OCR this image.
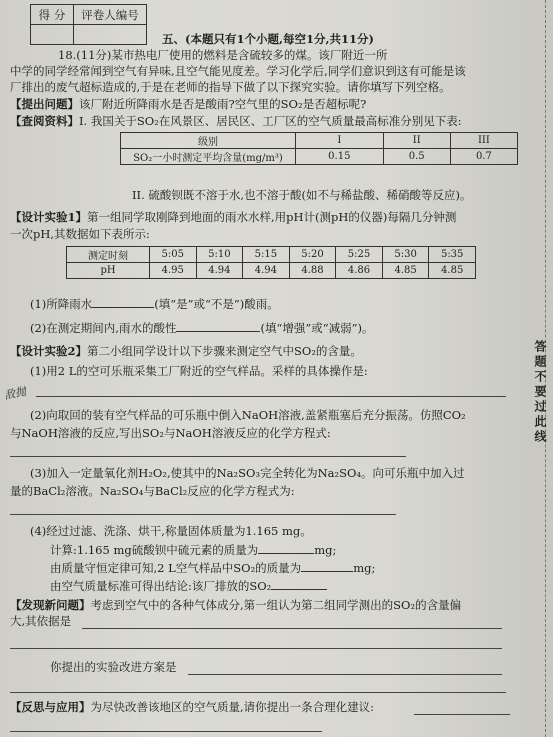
得 分	评卷人编号

五、(本题只有1个小题,每空1分,共11分)
18.(11分)某市热电厂使用的燃料是含硫较多的煤。该厂附近一所
中学的同学经常闻到空气有异味,且空气能见度差。学习化学后,同学们意识到这有可能是该
厂排出的废气超标造成的,于是在老师的指导下做了以下探究实验。请你填写下列空格。
【提出问题】该厂附近所降雨水是否是酸雨?空气里的SO₂是否超标呢?
【查阅资料】I. 我国关于SO₂在风景区、居民区、工厂区的空气质量最高标准分别见下表:
级别	I	II	III
SO₂一小时测定平均含量(mg/m³)	0.15	0.5	0.7
II. 硫酸钡既不溶于水,也不溶于酸(如不与稀盐酸、稀硝酸等反应)。
【设计实验1】第一组同学取刚降到地面的雨水水样,用pH计(测pH的仪器)每隔几分钟测
一次pH,其数据如下表所示:
测定时刻	5:05	5:10	5:15	5:20	5:25	5:30	5:35
pH	4.95	4.94	4.94	4.88	4.86	4.85	4.85
(1)所降雨水	(填“是”或“不是”)酸雨。
(2)在测定期间内,雨水的酸性	(填“增强”或“减弱”)。
【设计实验2】第二小组同学设计以下步骤来测定空气中SO₂的含量。
(1)用2 L的空可乐瓶采集工厂附近的空气样品。采样的具体操作是:
敌抛
(2)向取回的装有空气样品的可乐瓶中倒入NaOH溶液,盖紧瓶塞后充分振荡。仿照CO₂
与NaOH溶液的反应,写出SO₂与NaOH溶液反应的化学方程式:
(3)加入一定量氧化剂H₂O₂,使其中的Na₂SO₃完全转化为Na₂SO₄。向可乐瓶中加入过
量的BaCl₂溶液。Na₂SO₄与BaCl₂反应的化学方程式为:
(4)经过过滤、洗涤、烘干,称量固体质量为1.165 mg。
计算:1.165 mg硫酸钡中硫元素的质量为	mg;
由质量守恒定律可知,2 L空气样品中SO₂的质量为	mg;
由空气质量标准可得出结论:该厂排放的SO₂
【发现新问题】考虑到空气中的各种气体成分,第一组认为第二组同学测出的SO₂的含量偏
大,其依据是
你提出的实验改进方案是
【反思与应用】为尽快改善该地区的空气质量,请你提出一条合理化建议:
答题不要过此线
